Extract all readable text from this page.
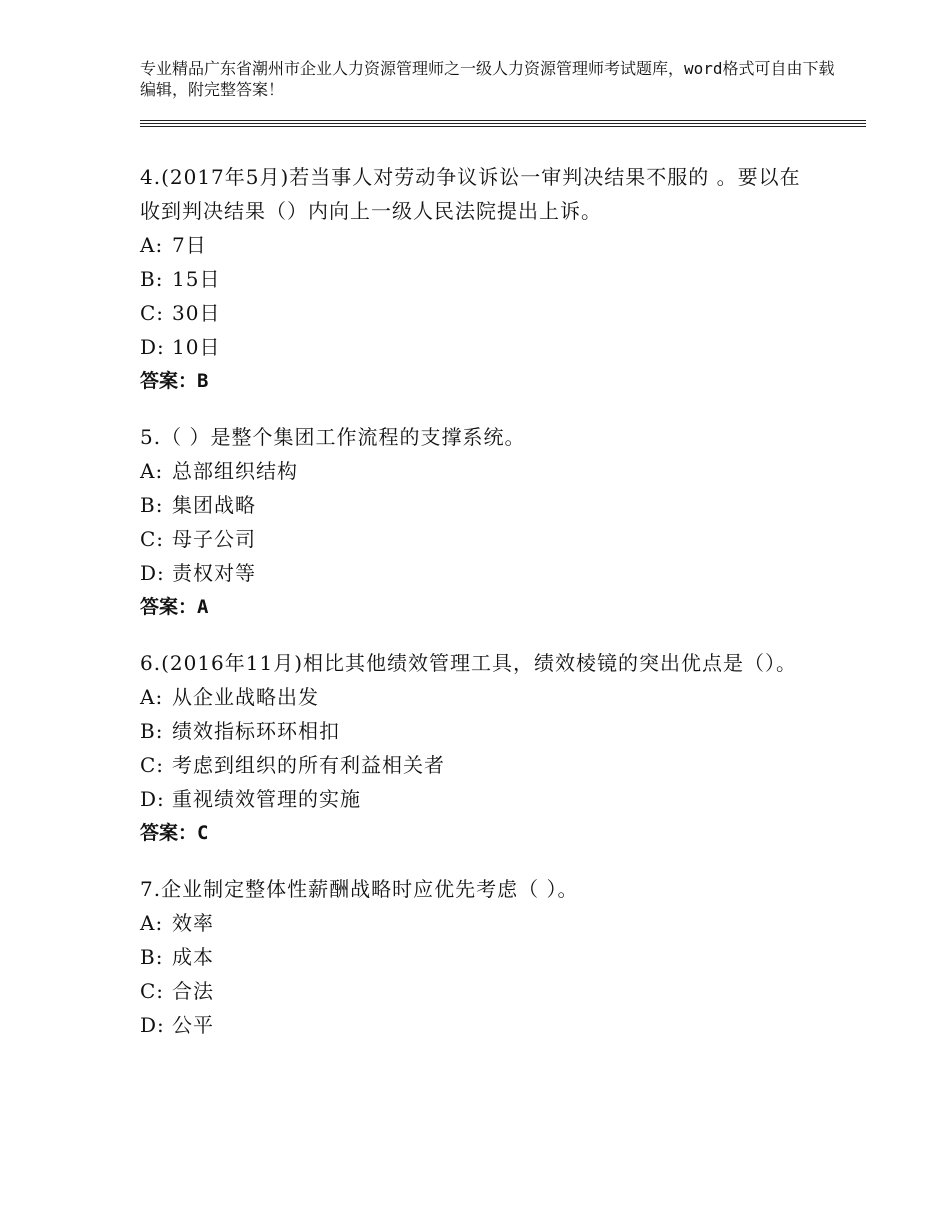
专业精品广东省潮州市企业人力资源管理师之一级人力资源管理师考试题库，word格式可自由下载编辑，附完整答案！
4.(2017年5月)若当事人对劳动争议诉讼一审判决结果不服的 。要以在收到判决结果（）内向上一级人民法院提出上诉。
A: 7日
B: 15日
C: 30日
D: 10日
答案：B
5.（ ）是整个集团工作流程的支撑系统。
A: 总部组织结构
B: 集团战略
C: 母子公司
D: 责权对等
答案：A
6.(2016年11月)相比其他绩效管理工具，绩效棱镜的突出优点是（）。
A: 从企业战略出发
B: 绩效指标环环相扣
C: 考虑到组织的所有利益相关者
D: 重视绩效管理的实施
答案：C
7.企业制定整体性薪酬战略时应优先考虑（ ）。
A: 效率
B: 成本
C: 合法
D: 公平
